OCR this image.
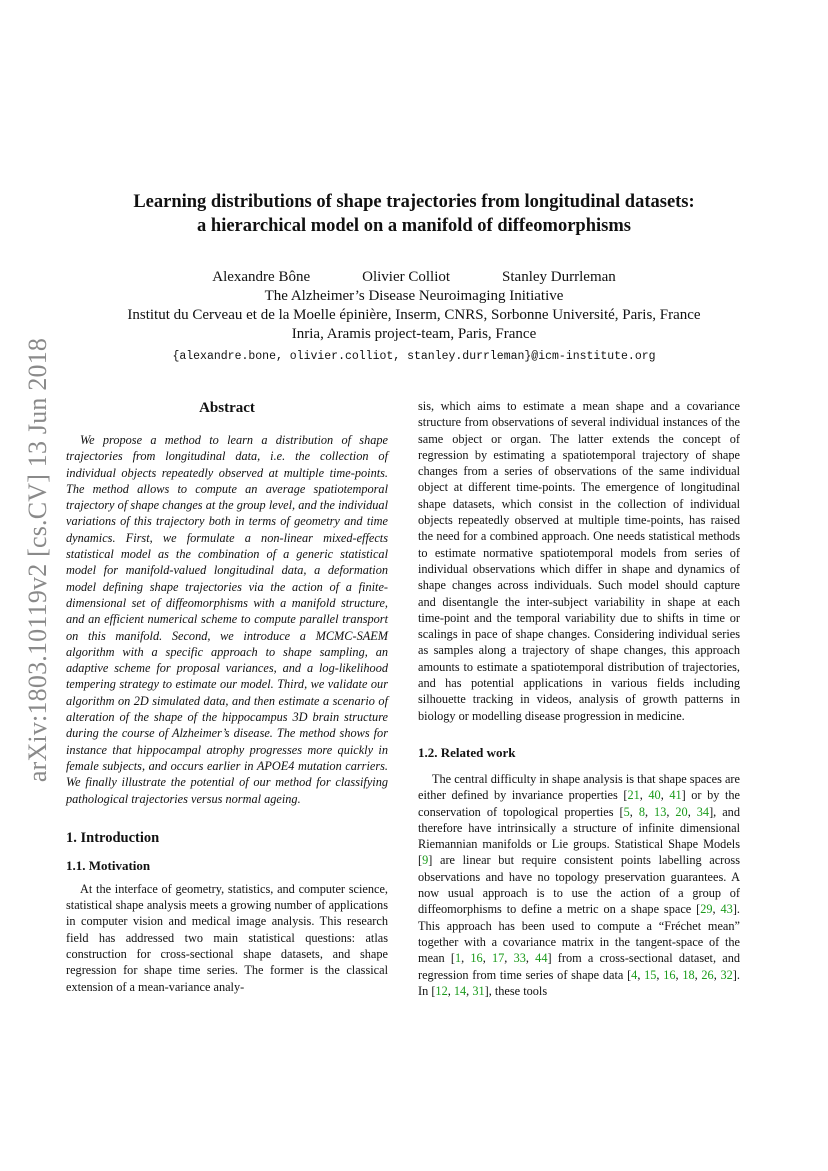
arXiv:1803.10119v2 [cs.CV] 13 Jun 2018
Learning distributions of shape trajectories from longitudinal datasets:
a hierarchical model on a manifold of diffeomorphisms
Alexandre Bône	Olivier Colliot	Stanley Durrleman
The Alzheimer’s Disease Neuroimaging Initiative
Institut du Cerveau et de la Moelle épinière, Inserm, CNRS, Sorbonne Université, Paris, France
Inria, Aramis project-team, Paris, France
{alexandre.bone, olivier.colliot, stanley.durrleman}@icm-institute.org
Abstract

We propose a method to learn a distribution of shape trajectories from longitudinal data, i.e. the collection of individual objects repeatedly observed at multiple time-points. The method allows to compute an average spatiotemporal trajectory of shape changes at the group level, and the individual variations of this trajectory both in terms of geometry and time dynamics. First, we formulate a non-linear mixed-effects statistical model as the combination of a generic statistical model for manifold-valued longitudinal data, a deformation model defining shape trajectories via the action of a finite-dimensional set of diffeomorphisms with a manifold structure, and an efficient numerical scheme to compute parallel transport on this manifold. Second, we introduce a MCMC-SAEM algorithm with a specific approach to shape sampling, an adaptive scheme for proposal variances, and a log-likelihood tempering strategy to estimate our model. Third, we validate our algorithm on 2D simulated data, and then estimate a scenario of alteration of the shape of the hippocampus 3D brain structure during the course of Alzheimer’s disease. The method shows for instance that hippocampal atrophy progresses more quickly in female subjects, and occurs earlier in APOE4 mutation carriers. We finally illustrate the potential of our method for classifying pathological trajectories versus normal ageing.

1. Introduction
1.1. Motivation

At the interface of geometry, statistics, and computer science, statistical shape analysis meets a growing number of applications in computer vision and medical image analysis. This research field has addressed two main statistical questions: atlas construction for cross-sectional shape datasets, and shape regression for shape time series. The former is the classical extension of a mean-variance analy-

sis, which aims to estimate a mean shape and a covariance structure from observations of several individual instances of the same object or organ. The latter extends the concept of regression by estimating a spatiotemporal trajectory of shape changes from a series of observations of the same individual object at different time-points. The emergence of longitudinal shape datasets, which consist in the collection of individual objects repeatedly observed at multiple time-points, has raised the need for a combined approach. One needs statistical methods to estimate normative spatiotemporal models from series of individual observations which differ in shape and dynamics of shape changes across individuals. Such model should capture and disentangle the inter-subject variability in shape at each time-point and the temporal variability due to shifts in time or scalings in pace of shape changes. Considering individual series as samples along a trajectory of shape changes, this approach amounts to estimate a spatiotemporal distribution of trajectories, and has potential applications in various fields including silhouette tracking in videos, analysis of growth patterns in biology or modelling disease progression in medicine.

1.2. Related work

The central difficulty in shape analysis is that shape spaces are either defined by invariance properties [21, 40, 41] or by the conservation of topological properties [5, 8, 13, 20, 34], and therefore have intrinsically a structure of infinite dimensional Riemannian manifolds or Lie groups. Statistical Shape Models [9] are linear but require consistent points labelling across observations and have no topology preservation guarantees. A now usual approach is to use the action of a group of diffeomorphisms to define a metric on a shape space [29, 43]. This approach has been used to compute a “Fréchet mean” together with a covariance matrix in the tangent-space of the mean [1, 16, 17, 33, 44] from a cross-sectional dataset, and regression from time series of shape data [4, 15, 16, 18, 26, 32]. In [12, 14, 31], these tools
